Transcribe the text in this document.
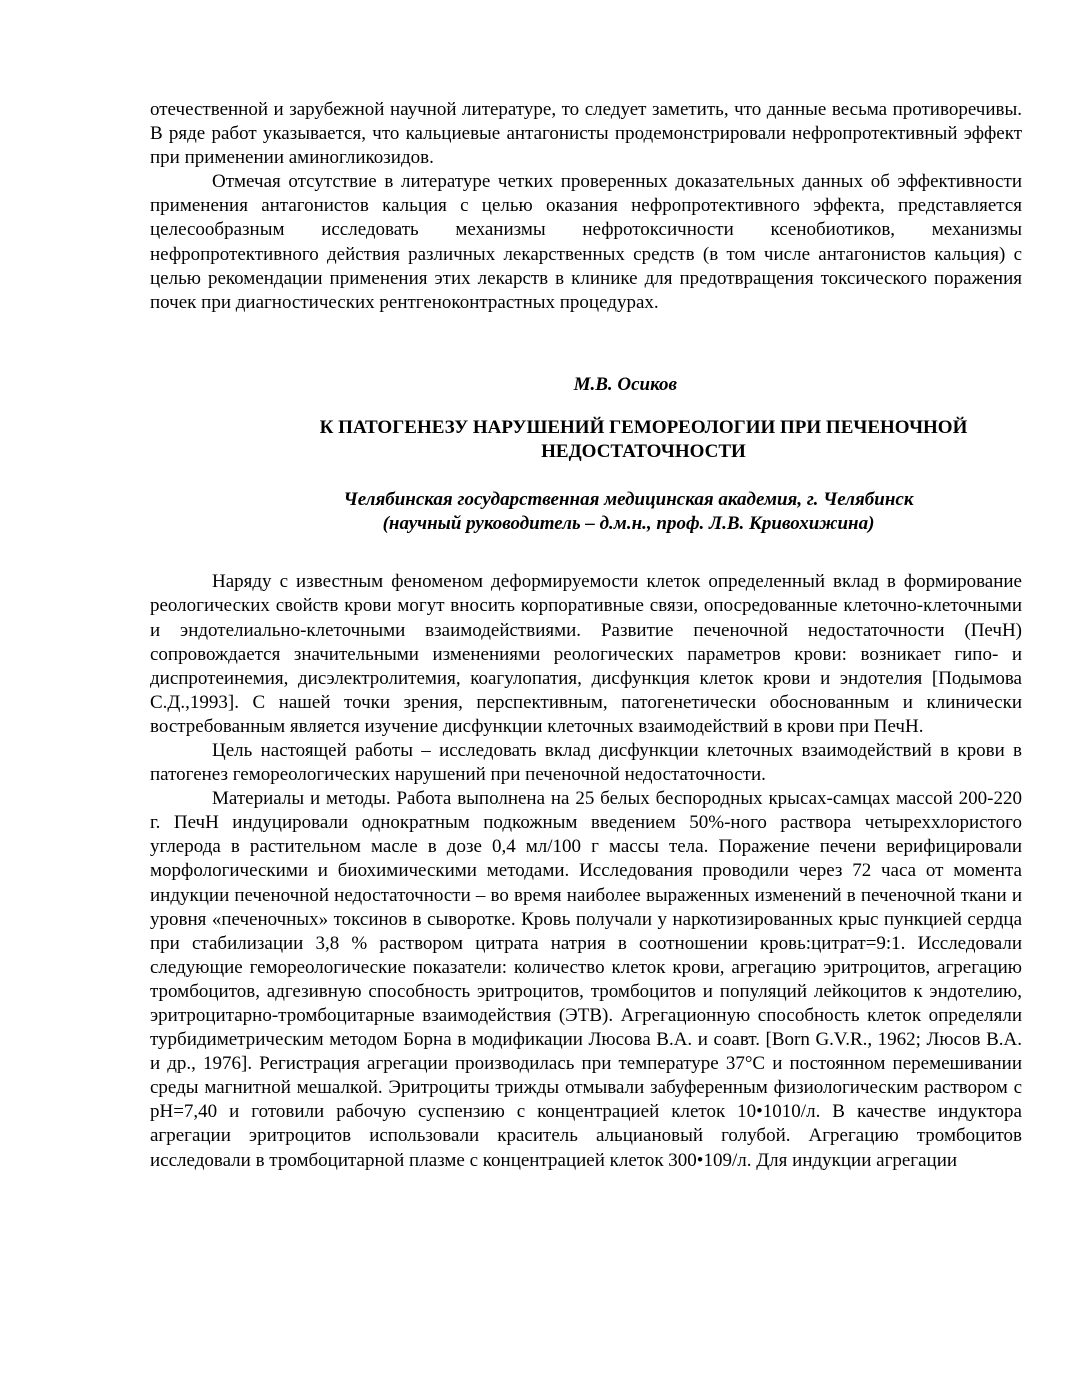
отечественной и зарубежной научной литературе, то следует заметить, что данные весьма противоречивы. В ряде работ указывается, что кальциевые антагонисты продемонстрировали нефропротективный эффект при применении аминогликозидов.

Отмечая отсутствие в литературе четких проверенных доказательных данных об эффективности применения антагонистов кальция с целью оказания нефропротективного эффекта, представляется целесообразным исследовать механизмы нефротоксичности ксенобиотиков, механизмы нефропротективного действия различных лекарственных средств (в том числе антагонистов кальция) с целью рекомендации применения этих лекарств в клинике для предотвращения токсического поражения почек при диагностических рентгеноконтрастных процедурах.

М.В. Осиков

К ПАТОГЕНЕЗУ НАРУШЕНИЙ ГЕМОРЕОЛОГИИ ПРИ ПЕЧЕНОЧНОЙ
НЕДОСТАТОЧНОСТИ
Челябинская государственная медицинская академия, г. Челябинск
(научный руководитель – д.м.н., проф. Л.В. Кривохижина)

Наряду с известным феноменом деформируемости клеток определенный вклад в формирование реологических свойств крови могут вносить корпоративные связи, опосредованные клеточно-клеточными и эндотелиально-клеточными взаимодействиями. Развитие печеночной недостаточности (ПечН) сопровождается значительными изменениями реологических параметров крови: возникает гипо- и диспротеинемия, дисэлектролитемия, коагулопатия, дисфункция клеток крови и эндотелия [Подымова С.Д.,1993]. С нашей точки зрения, перспективным, патогенетически обоснованным и клинически востребованным является изучение дисфункции клеточных взаимодействий в крови при ПечН.

Цель настоящей работы – исследовать вклад дисфункции клеточных взаимодействий в крови в патогенез гемореологических нарушений при печеночной недостаточности.

Материалы и методы. Работа выполнена на 25 белых беспородных крысах-самцах массой 200-220 г. ПечН индуцировали однократным подкожным введением 50%-ного раствора четыреххлористого углерода в растительном масле в дозе 0,4 мл/100 г массы тела. Поражение печени верифицировали морфологическими и биохимическими методами. Исследования проводили через 72 часа от момента индукции печеночной недостаточности – во время наиболее выраженных изменений в печеночной ткани и уровня «печеночных» токсинов в сыворотке. Кровь получали у наркотизированных крыс пункцией сердца при стабилизации 3,8 % раствором цитрата натрия в соотношении кровь:цитрат=9:1. Исследовали следующие гемореологические показатели: количество клеток крови, агрегацию эритроцитов, агрегацию тромбоцитов, адгезивную способность эритроцитов, тромбоцитов и популяций лейкоцитов к эндотелию, эритроцитарно-тромбоцитарные взаимодействия (ЭТВ). Агрегационную способность клеток определяли турбидиметрическим методом Борна в модификации Люсова В.А. и соавт. [Born G.V.R., 1962; Люсов В.А. и др., 1976]. Регистрация агрегации производилась при температуре 37°С и постоянном перемешивании среды магнитной мешалкой. Эритроциты трижды отмывали забуференным физиологическим раствором с pH=7,40 и готовили рабочую суспензию с концентрацией клеток 10•1010/л. В качестве индуктора агрегации эритроцитов использовали краситель альциановый голубой. Агрегацию тромбоцитов исследовали в тромбоцитарной плазме с концентрацией клеток 300•109/л. Для индукции агрегации
